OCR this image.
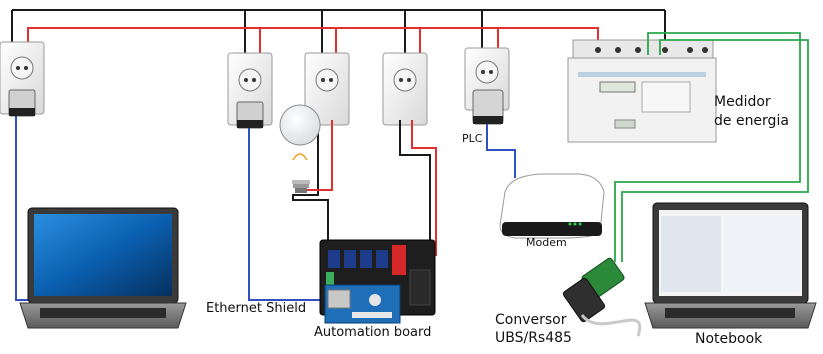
Medidor
de energia
PLC
Modem
Ethernet Shield
Automation board
Conversor
UBS/Rs485	Notebook
